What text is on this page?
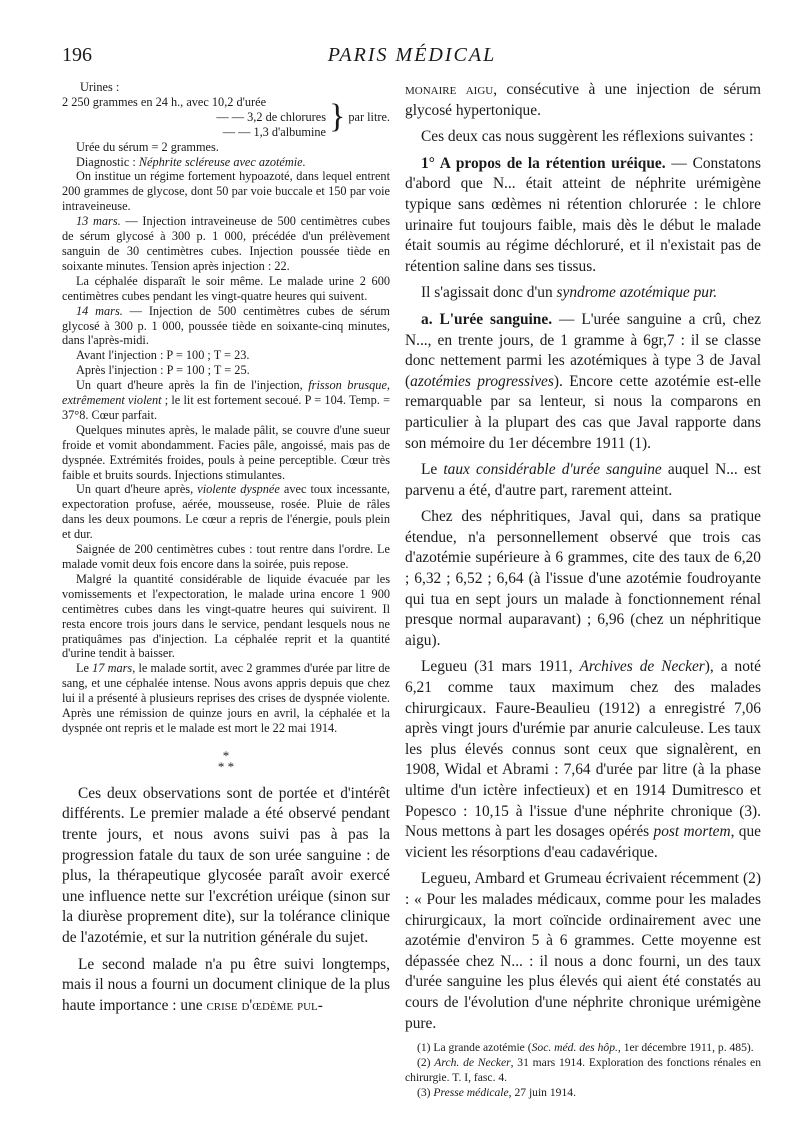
196	PARIS MÉDICAL
Urines :
2 250 grammes en 24 h., avec 10,2 d'urée
— — 3,2 de chlorures
— — 1,3 d'albumine } par litre.

Urée du sérum = 2 grammes.

Diagnostic : Néphrite scléreuse avec azotémie.

On institue un régime fortement hypoazoté, dans lequel entrent 200 grammes de glycose, dont 50 par voie buccale et 150 par voie intraveineuse.

13 mars. — Injection intraveineuse de 500 centimètres cubes de sérum glycosé à 300 p. 1 000, précédée d'un prélèvement sanguin de 30 centimètres cubes. Injection poussée tiède en soixante minutes. Tension après injection : 22.

La céphalée disparaît le soir même. Le malade urine 2 600 centimètres cubes pendant les vingt-quatre heures qui suivent.

14 mars. — Injection de 500 centimètres cubes de sérum glycosé à 300 p. 1 000, poussée tiède en soixante-cinq minutes, dans l'après-midi.

Avant l'injection : P = 100 ; T = 23.

Après l'injection : P = 100 ; T = 25.

Un quart d'heure après la fin de l'injection, frisson brusque, extrêmement violent ; le lit est fortement secoué. P = 104. Temp. = 37°8. Cœur parfait.

Quelques minutes après, le malade pâlit, se couvre d'une sueur froide et vomit abondamment. Facies pâle, angoissé, mais pas de dyspnée. Extrémités froides, pouls à peine perceptible. Cœur très faible et bruits sourds. Injections stimulantes.

Un quart d'heure après, violente dyspnée avec toux incessante, expectoration profuse, aérée, mousseuse, rosée. Pluie de râles dans les deux poumons. Le cœur a repris de l'énergie, pouls plein et dur.

Saignée de 200 centimètres cubes : tout rentre dans l'ordre. Le malade vomit deux fois encore dans la soirée, puis repose.

Malgré la quantité considérable de liquide évacuée par les vomissements et l'expectoration, le malade urina encore 1 900 centimètres cubes dans les vingt-quatre heures qui suivirent. Il resta encore trois jours dans le service, pendant lesquels nous ne pratiquâmes pas d'injection. La céphalée reprit et la quantité d'urine tendit à baisser.

Le 17 mars, le malade sortit, avec 2 grammes d'urée par litre de sang, et une céphalée intense. Nous avons appris depuis que chez lui il a présenté à plusieurs reprises des crises de dyspnée violente. Après une rémission de quinze jours en avril, la céphalée et la dyspnée ont repris et le malade est mort le 22 mai 1914.

*
* *

Ces deux observations sont de portée et d'intérêt différents. Le premier malade a été observé pendant trente jours, et nous avons suivi pas à pas la progression fatale du taux de son urée sanguine : de plus, la thérapeutique glycosée paraît avoir exercé une influence nette sur l'excrétion uréique (sinon sur la diurèse proprement dite), sur la tolérance clinique de l'azotémie, et sur la nutrition générale du sujet.

Le second malade n'a pu être suivi longtemps, mais il nous a fourni un document clinique de la plus haute importance : une crise d'œdème pul-

monaire aigu, consécutive à une injection de sérum glycosé hypertonique.

Ces deux cas nous suggèrent les réflexions suivantes :

1° A propos de la rétention uréique. — Constatons d'abord que N... était atteint de néphrite urémigène typique sans œdèmes ni rétention chlorurée : le chlore urinaire fut toujours faible, mais dès le début le malade était soumis au régime déchloruré, et il n'existait pas de rétention saline dans ses tissus.

Il s'agissait donc d'un syndrome azotémique pur.

a. L'urée sanguine. — L'urée sanguine a crû, chez N..., en trente jours, de 1 gramme à 6gr,7 : il se classe donc nettement parmi les azotémiques à type 3 de Javal (azotémies progressives). Encore cette azotémie est-elle remarquable par sa lenteur, si nous la comparons en particulier à la plupart des cas que Javal rapporte dans son mémoire du 1er décembre 1911 (1).

Le taux considérable d'urée sanguine auquel N... est parvenu a été, d'autre part, rarement atteint.

Chez des néphritiques, Javal qui, dans sa pratique étendue, n'a personnellement observé que trois cas d'azotémie supérieure à 6 grammes, cite des taux de 6,20 ; 6,32 ; 6,52 ; 6,64 (à l'issue d'une azotémie foudroyante qui tua en sept jours un malade à fonctionnement rénal presque normal auparavant) ; 6,96 (chez un néphritique aigu).

Legueu (31 mars 1911, Archives de Necker), a noté 6,21 comme taux maximum chez des malades chirurgicaux. Faure-Beaulieu (1912) a enregistré 7,06 après vingt jours d'urémie par anurie calculeuse. Les taux les plus élevés connus sont ceux que signalèrent, en 1908, Widal et Abrami : 7,64 d'urée par litre (à la phase ultime d'un ictère infectieux) et en 1914 Dumitresco et Popesco : 10,15 à l'issue d'une néphrite chronique (3). Nous mettons à part les dosages opérés post mortem, que vicient les résorptions d'eau cadavérique.

Legueu, Ambard et Grumeau écrivaient récemment (2) : « Pour les malades médicaux, comme pour les malades chirurgicaux, la mort coïncide ordinairement avec une azotémie d'environ 5 à 6 grammes. Cette moyenne est dépassée chez N... : il nous a donc fourni, un des taux d'urée sanguine les plus élevés qui aient été constatés au cours de l'évolution d'une néphrite chronique urémigène pure.

(1) La grande azotémie (Soc. méd. des hôp., 1er décembre 1911, p. 485).

(2) Arch. de Necker, 31 mars 1914. Exploration des fonctions rénales en chirurgie. T. I, fasc. 4.

(3) Presse médicale, 27 juin 1914.
